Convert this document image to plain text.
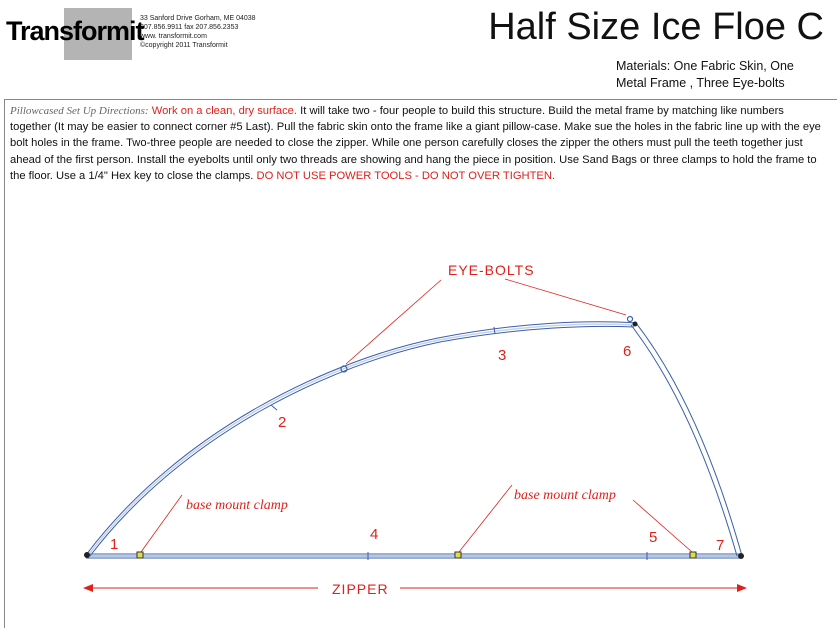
Transformit
33 Sanford Drive Gorham, ME 04038
207.856.9911 fax 207.856.2353
www. transformit.com
©copyright 2011 Transformit	Half Size Ice Floe C
Materials: One Fabric Skin, One
Metal Frame , Three Eye-bolts
Pillowcased Set Up Directions: Work on a clean, dry surface. It will take two - four people to build this structure. Build the metal frame by matching like numbers together (It may be easier to connect corner #5 Last). Pull the fabric skin onto the frame like a giant pillow-case. Make sue the holes in the fabric line up with the eye bolt holes in the frame. Two-three people are needed to close the zipper. While one person carefully closes the zipper the others must pull the teeth together just ahead of the first person. Install the eyebolts until only two threads are showing and hang the piece in position. Use Sand Bags or three clamps to hold the frame to the floor. Use a 1/4" Hex key to close the clamps. DO NOT USE POWER TOOLS - DO NOT OVER TIGHTEN.
1
2
3
4	5
6
7
EYE-BOLTS
base mount clamp
base mount clamp
ZIPPER
